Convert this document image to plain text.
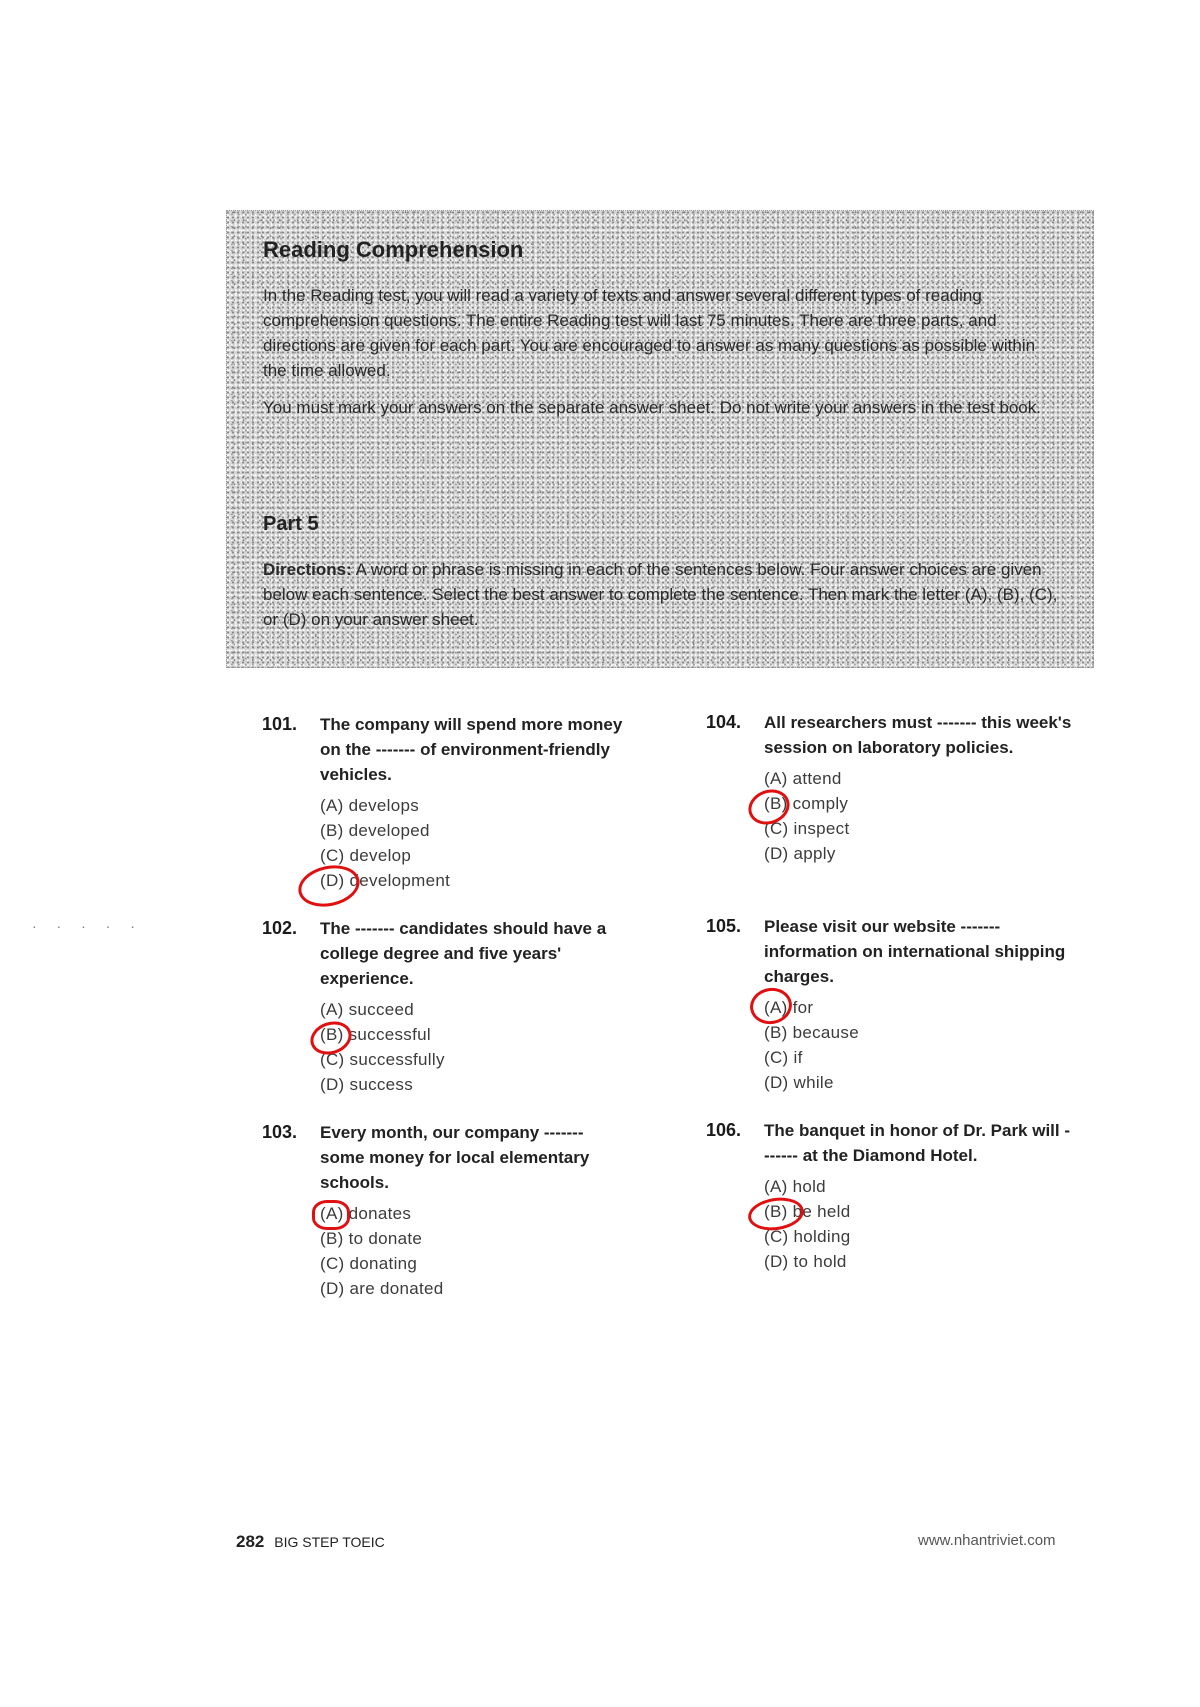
· · · · ·
Reading Comprehension

In the Reading test, you will read a variety of texts and answer several different types of reading comprehension questions. The entire Reading test will last 75 minutes. There are three parts, and directions are given for each part. You are encouraged to answer as many questions as possible within the time allowed.

You must mark your answers on the separate answer sheet. Do not write your answers in the test book.

Part 5

Directions: A word or phrase is missing in each of the sentences below. Four answer choices are given below each sentence. Select the best answer to complete the sentence. Then mark the letter (A), (B), (C), or (D) on your answer sheet.

101.	The company will spend more money on the ------- of environment-friendly vehicles.
(A) develops
(B) developed
(C) develop
(D) development
102.	The ------- candidates should have a college degree and five years' experience.
(A) succeed
(B) successful
(C) successfully
(D) success
103.	Every month, our company ------- some money for local elementary schools.
(A) donates
(B) to donate
(C) donating
(D) are donated
104.	All researchers must ------- this week's session on laboratory policies.
(A) attend
(B) comply
(C) inspect
(D) apply
105.	Please visit our website ------- information on international shipping charges.
(A) for
(B) because
(C) if
(D) while
106.	The banquet in honor of Dr. Park will ------- at the Diamond Hotel.
(A) hold
(B) be held
(C) holding
(D) to hold
282 BIG STEP TOEIC	www.nhantriviet.com
